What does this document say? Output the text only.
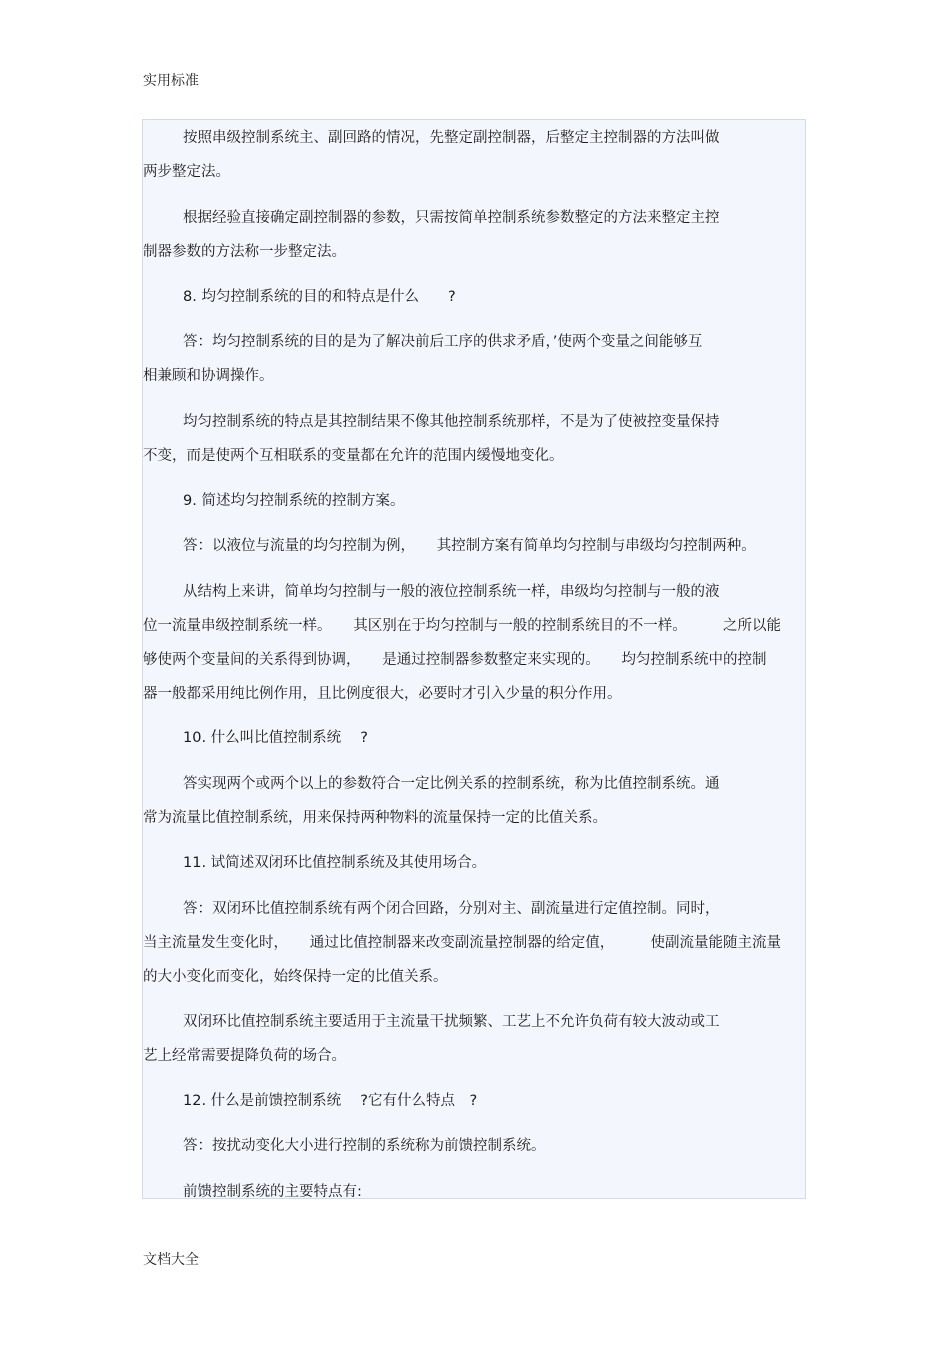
实用标准
按照串级控制系统主、副回路的情况，先整定副控制器，后整定主控制器的方法叫做
两步整定法。
根据经验直接确定副控制器的参数，只需按简单控制系统参数整定的方法来整定主控
制器参数的方法称一步整定法。
8. 均匀控制系统的目的和特点是什么　　?
答：均匀控制系统的目的是为了解决前后工序的供求矛盾，’使两个变量之间能够互
相兼顾和协调操作。
均匀控制系统的特点是其控制结果不像其他控制系统那样，不是为了使被控变量保持
不变，而是使两个互相联系的变量都在允许的范围内缓慢地变化。
9. 简述均匀控制系统的控制方案。
答：以液位与流量的均匀控制为例，　　其控制方案有简单均匀控制与串级均匀控制两种。
从结构上来讲，简单均匀控制与一般的液位控制系统一样，串级均匀控制与一般的液
位一流量串级控制系统一样。　　其区别在于均匀控制与一般的控制系统目的不一样。　　　之所以能
够使两个变量间的关系得到协调，　　是通过控制器参数整定来实现的。　　均匀控制系统中的控制
器一般都采用纯比例作用，且比例度很大，必要时才引入少量的积分作用。
10. 什么叫比值控制系统　 ?
答实现两个或两个以上的参数符合一定比例关系的控制系统，称为比值控制系统。通
常为流量比值控制系统，用来保持两种物料的流量保持一定的比值关系。
11. 试简述双闭环比值控制系统及其使用场合。
答：双闭环比值控制系统有两个闭合回路，分别对主、副流量进行定值控制。同时，
当主流量发生变化时，　　通过比值控制器来改变副流量控制器的给定值，　　　使副流量能随主流量
的大小变化而变化，始终保持一定的比值关系。
双闭环比值控制系统主要适用于主流量干扰频繁、工艺上不允许负荷有较大波动或工
艺上经常需要提降负荷的场合。
12. 什么是前馈控制系统　 ?它有什么特点　?
答：按扰动变化大小进行控制的系统称为前馈控制系统。
前馈控制系统的主要特点有:
文档大全
